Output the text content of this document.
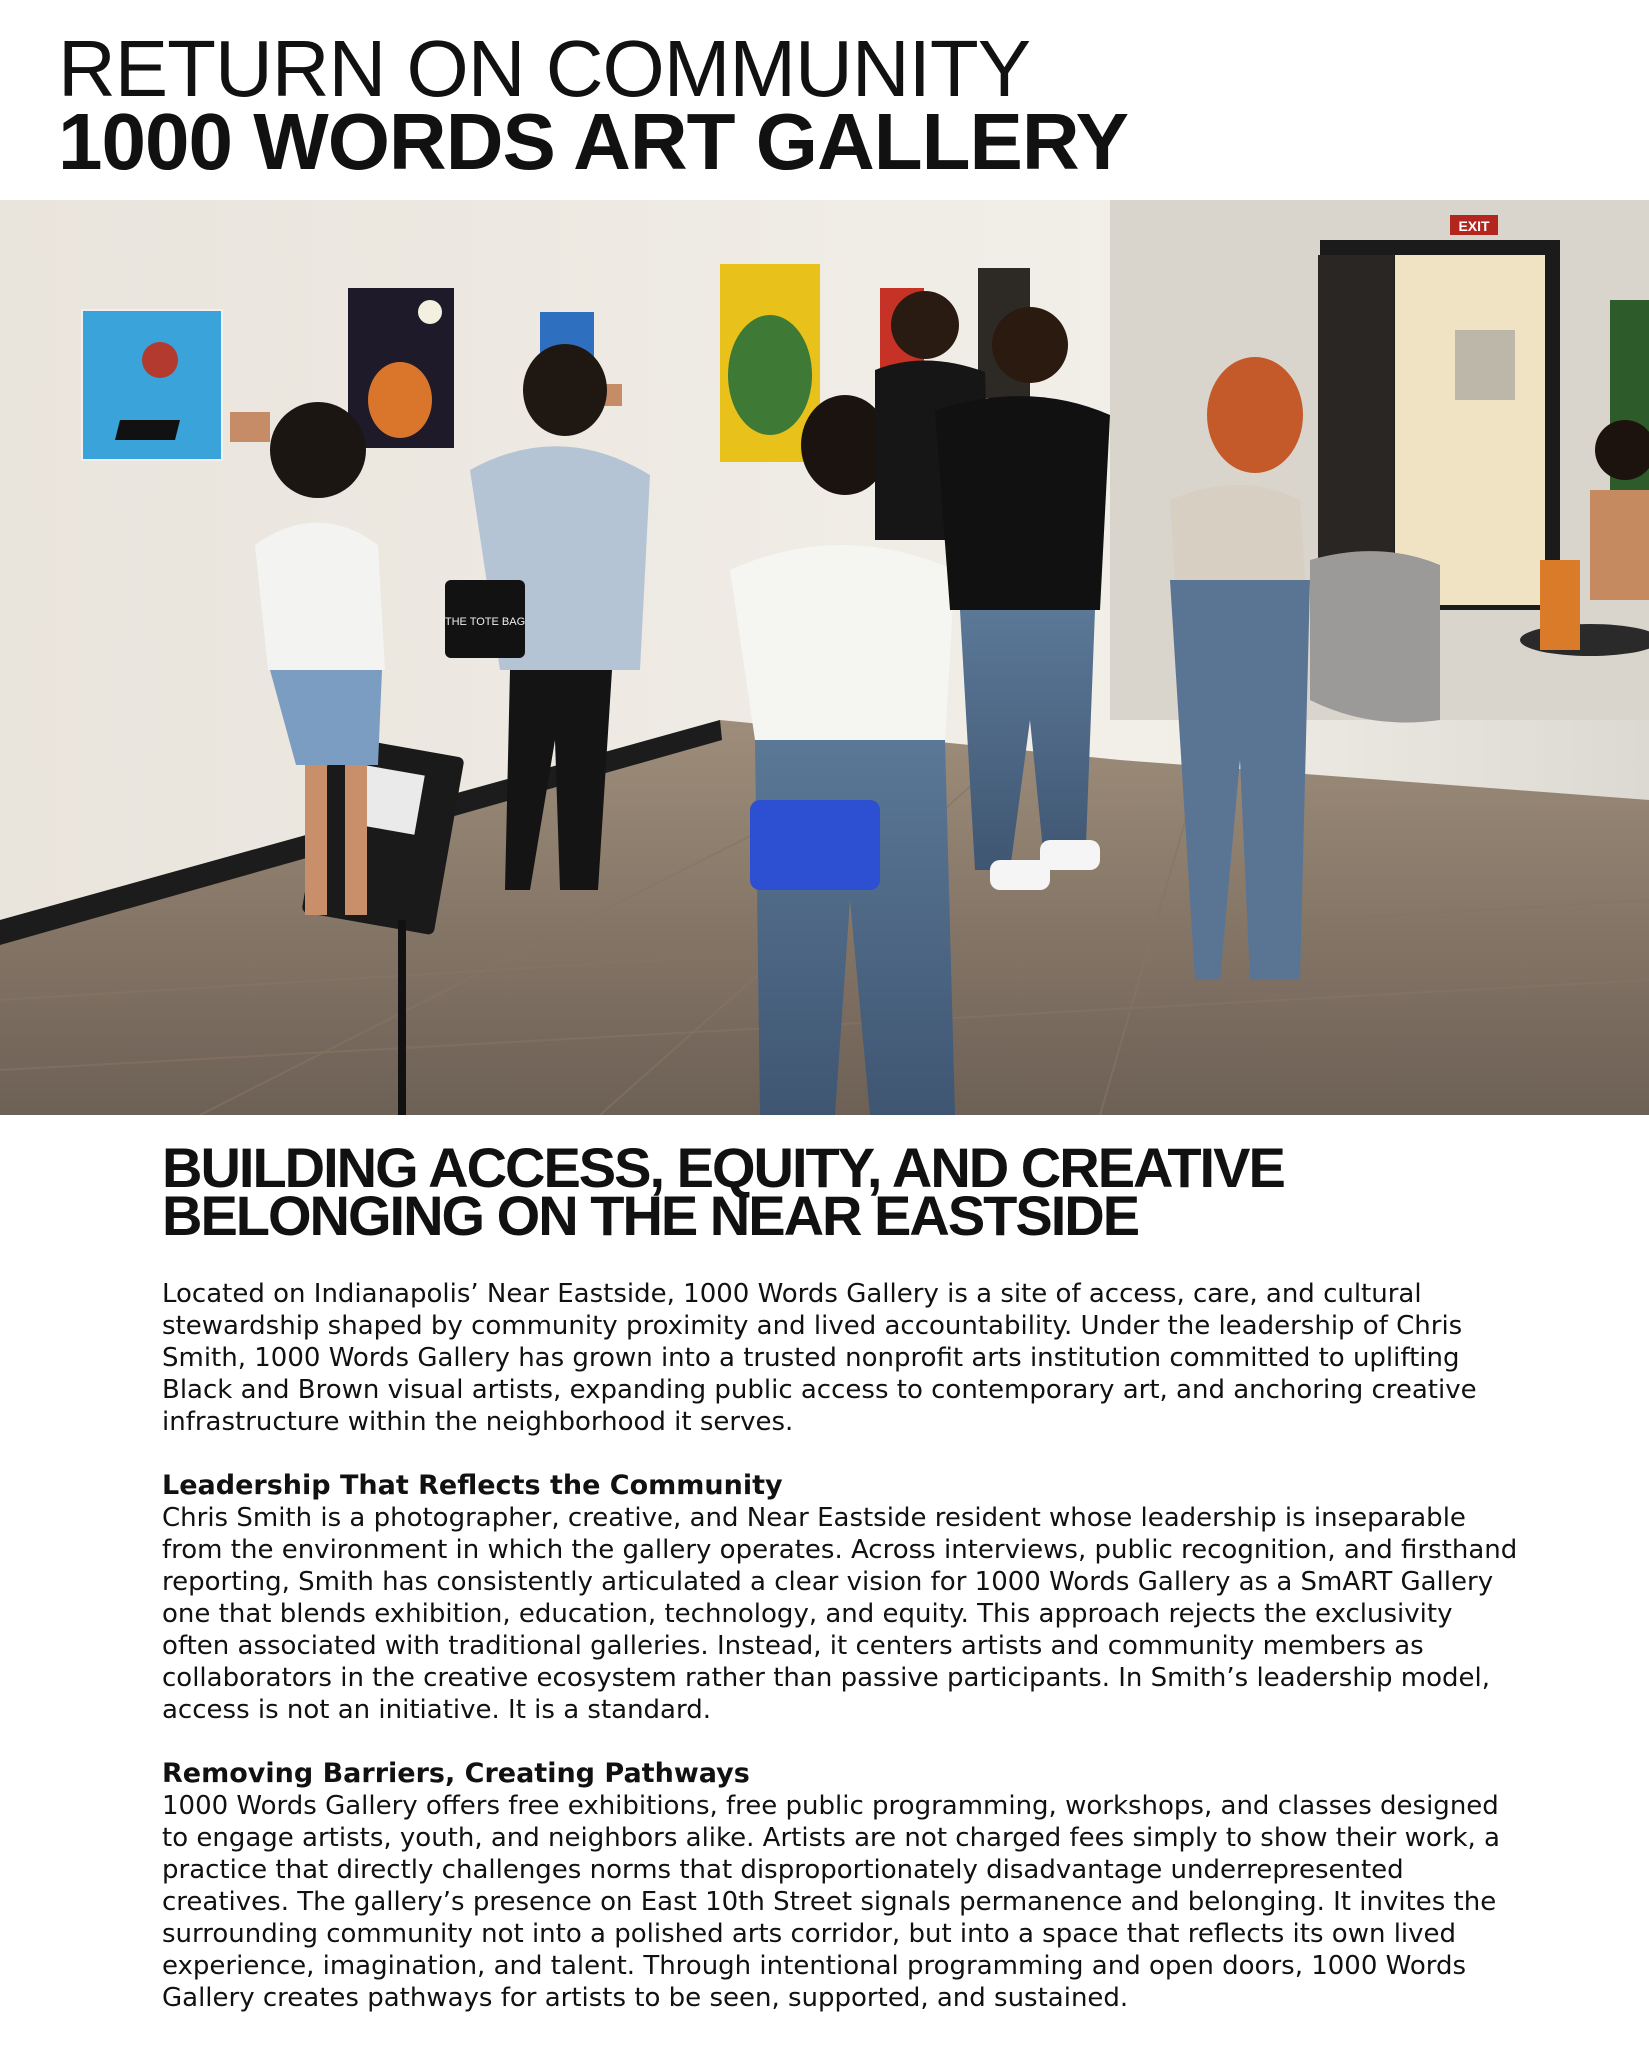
RETURN ON COMMUNITY
1000 WORDS ART GALLERY
EXIT
THE TOTE BAG
BUILDING ACCESS, EQUITY, AND CREATIVE
BELONGING ON THE NEAR EASTSIDE

Located on Indianapolis’ Near Eastside, 1000 Words Gallery is a site of access, care, and cultural stewardship shaped by community proximity and lived accountability. Under the leadership of Chris Smith, 1000 Words Gallery has grown into a trusted nonprofit arts institution committed to uplifting Black and Brown visual artists, expanding public access to contemporary art, and anchoring creative infrastructure within the neighborhood it serves.

Leadership That Reflects the Community

Chris Smith is a photographer, creative, and Near Eastside resident whose leadership is inseparable from the environment in which the gallery operates. Across interviews, public recognition, and firsthand reporting, Smith has consistently articulated a clear vision for 1000 Words Gallery as a SmART Gallery one that blends exhibition, education, technology, and equity. This approach rejects the exclusivity often associated with traditional galleries. Instead, it centers artists and community members as collaborators in the creative ecosystem rather than passive participants. In Smith’s leadership model, access is not an initiative. It is a standard.

Removing Barriers, Creating Pathways

1000 Words Gallery offers free exhibitions, free public programming, workshops, and classes designed to engage artists, youth, and neighbors alike. Artists are not charged fees simply to show their work, a practice that directly challenges norms that disproportionately disadvantage underrepresented creatives. The gallery’s presence on East 10th Street signals permanence and belonging. It invites the surrounding community not into a polished arts corridor, but into a space that reflects its own lived experience, imagination, and talent. Through intentional programming and open doors, 1000 Words Gallery creates pathways for artists to be seen, supported, and sustained.
